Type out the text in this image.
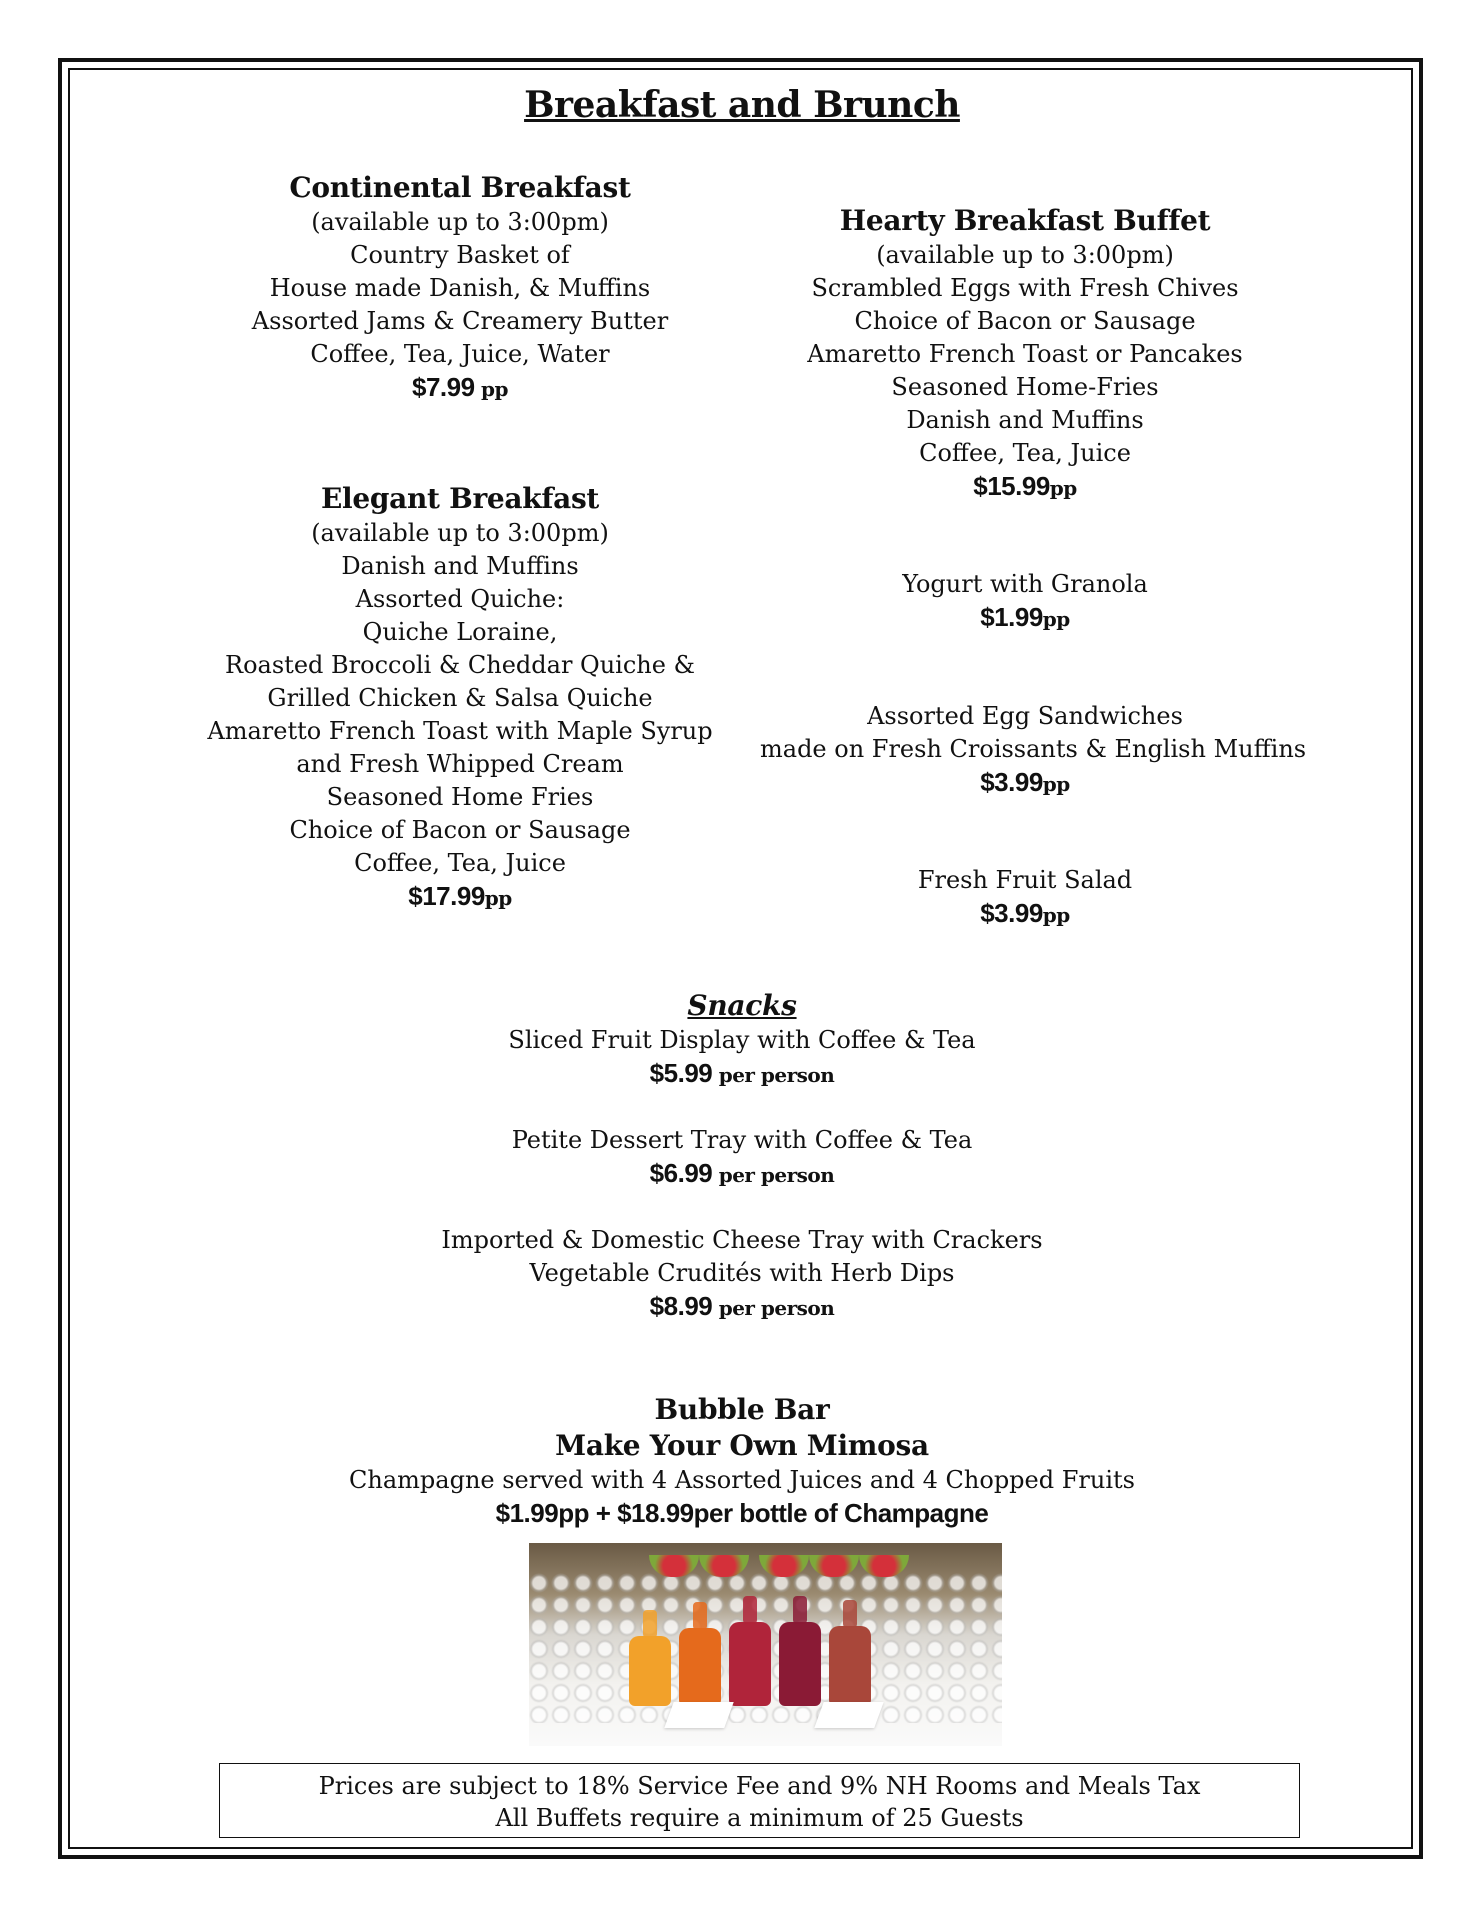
Breakfast and Brunch
Continental Breakfast
(available up to 3:00pm)
Country Basket of
House made Danish, & Muffins
Assorted Jams & Creamery Butter
Coffee, Tea, Juice, Water
$7.99 pp
Hearty Breakfast Buffet
(available up to 3:00pm)
Scrambled Eggs with Fresh Chives
Choice of Bacon or Sausage
Amaretto French Toast or Pancakes
Seasoned Home-Fries
Danish and Muffins
Coffee, Tea, Juice
$15.99pp
Elegant Breakfast
(available up to 3:00pm)
Danish and Muffins
Assorted Quiche:
Quiche Loraine,
Roasted Broccoli & Cheddar Quiche &
Grilled Chicken & Salsa Quiche
Amaretto French Toast with Maple Syrup
and Fresh Whipped Cream
Seasoned Home Fries
Choice of Bacon or Sausage
Coffee, Tea, Juice
$17.99pp
Yogurt with Granola
$1.99pp
Assorted Egg Sandwiches
made on Fresh Croissants & English Muffins
$3.99pp
Fresh Fruit Salad
$3.99pp
Snacks
Sliced Fruit Display with Coffee & Tea
$5.99 per person
Petite Dessert Tray with Coffee & Tea
$6.99 per person
Imported & Domestic Cheese Tray with Crackers
Vegetable Crudités with Herb Dips
$8.99 per person
Bubble Bar
Make Your Own Mimosa
Champagne served with 4 Assorted Juices and 4 Chopped Fruits
$1.99pp + $18.99per bottle of Champagne
Prices are subject to 18% Service Fee and 9% NH Rooms and Meals Tax
All Buffets require a minimum of 25 Guests
